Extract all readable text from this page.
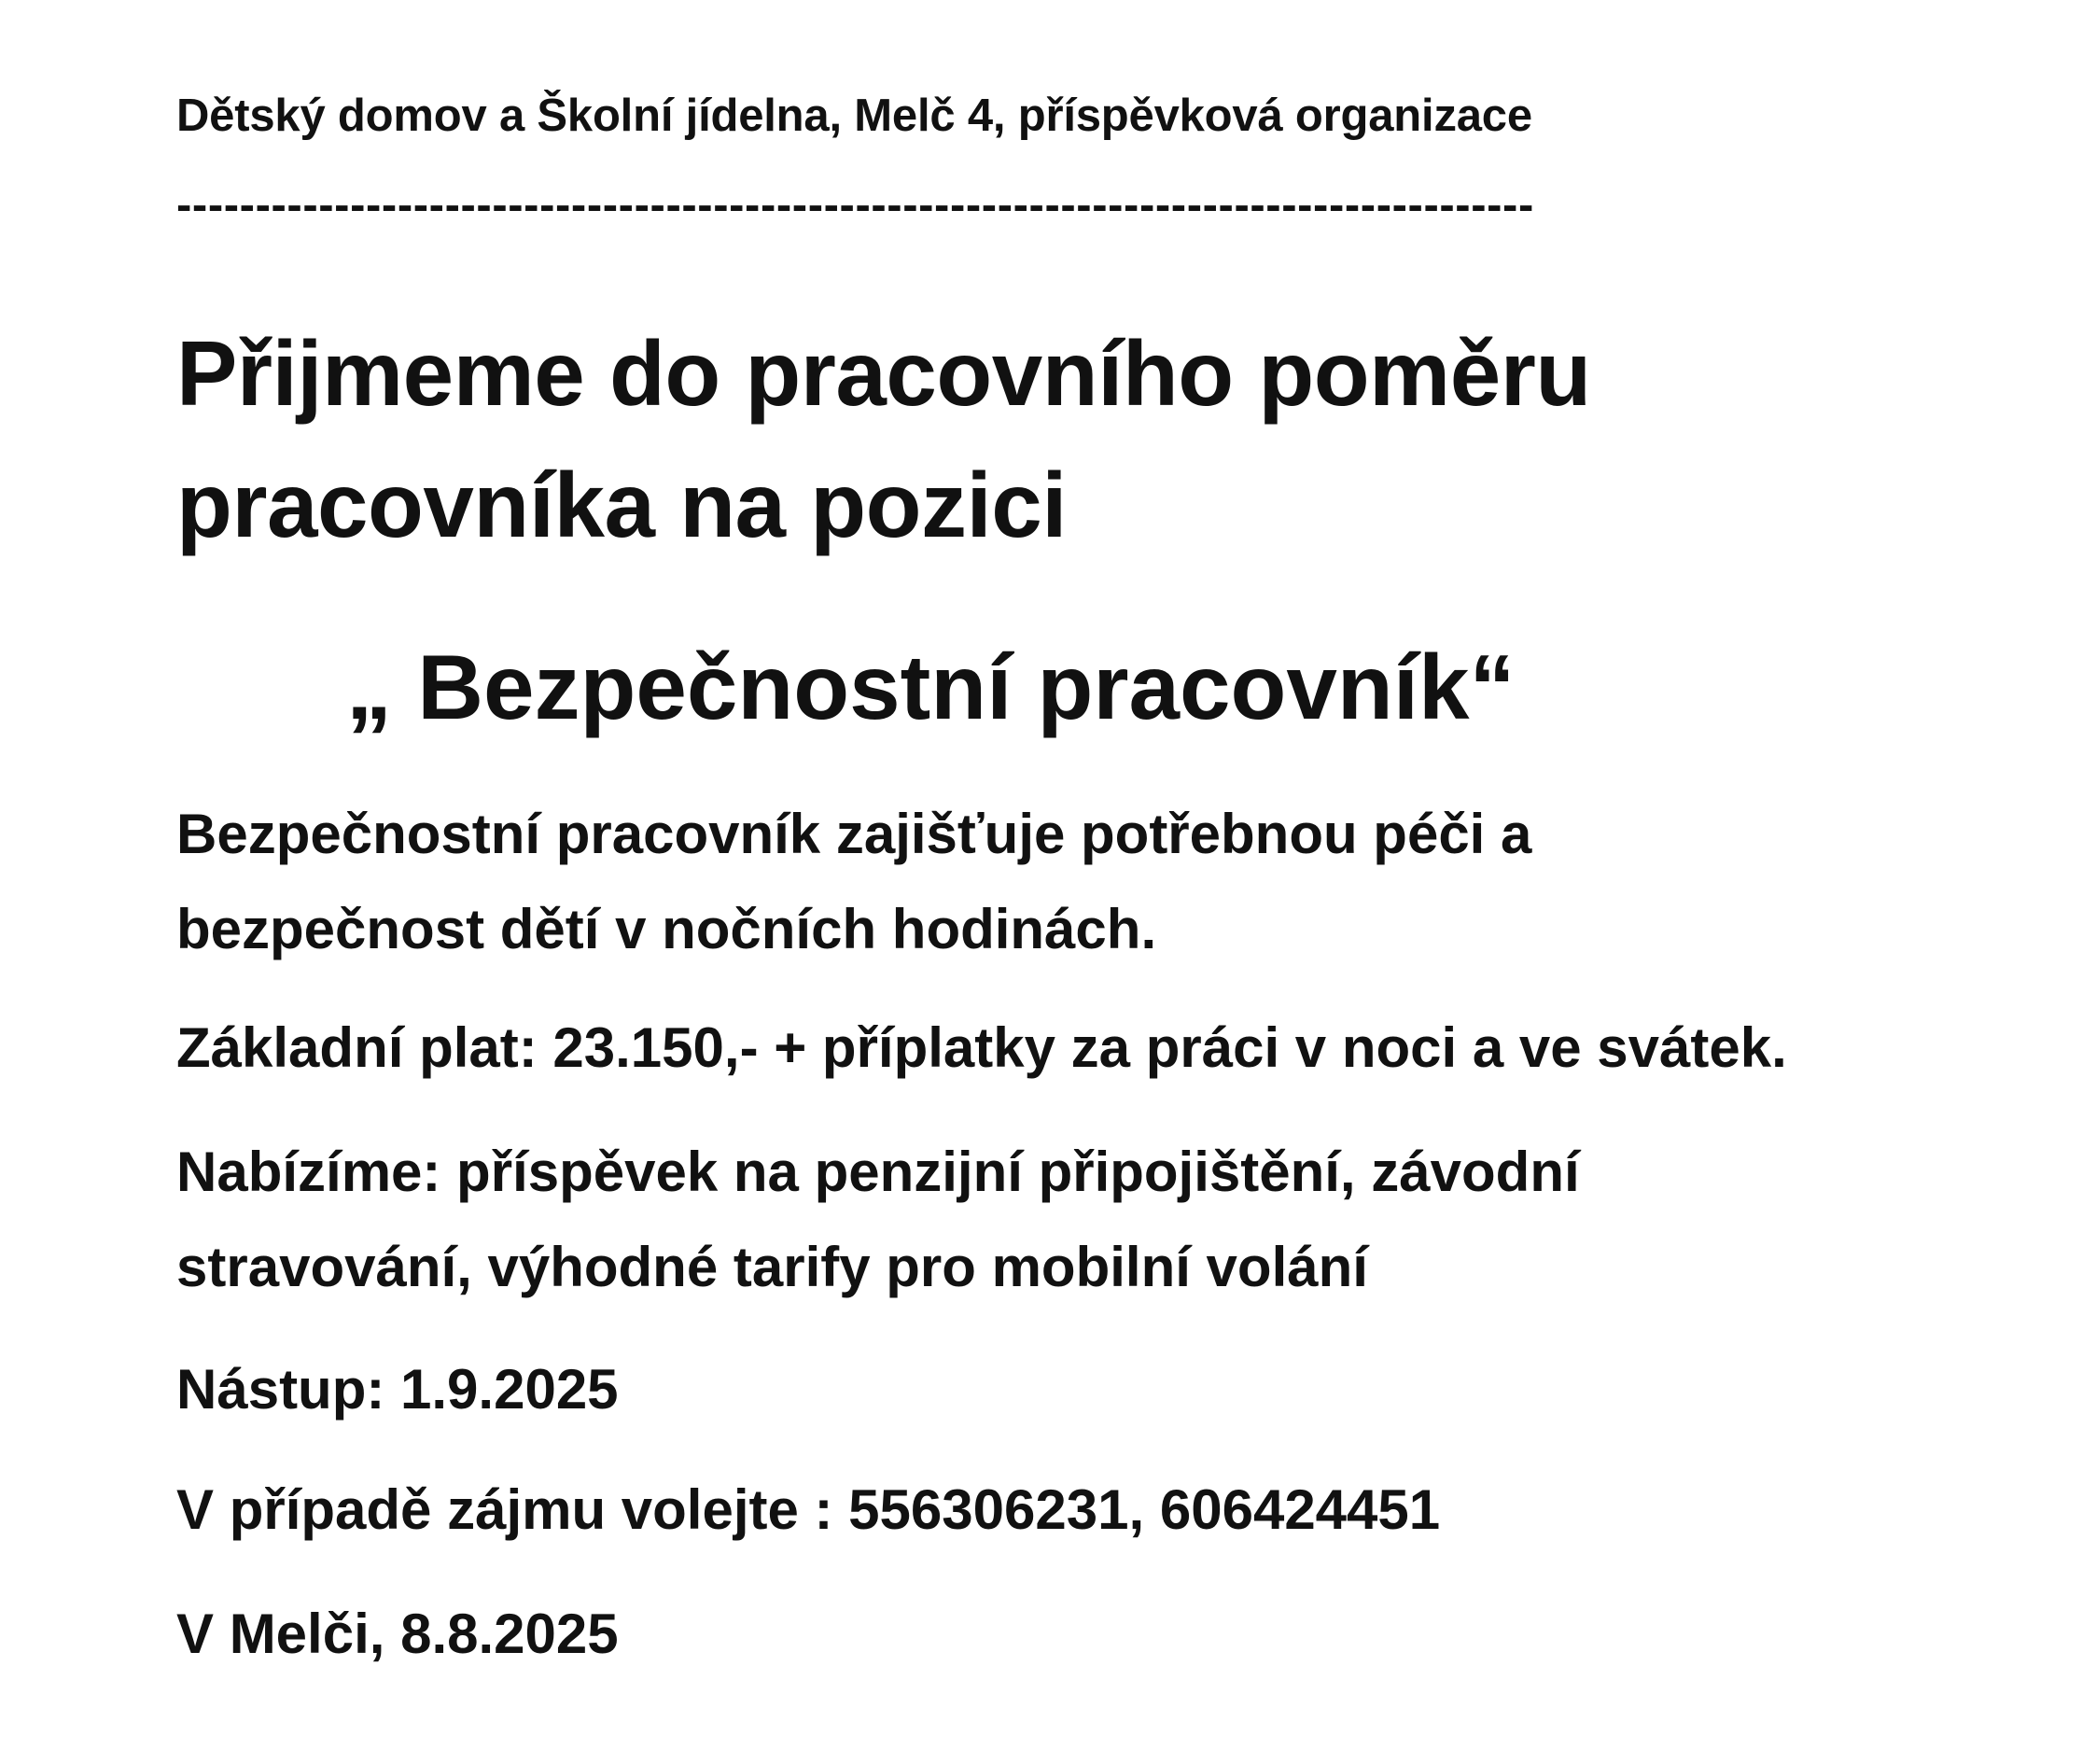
Dětský domov a Školní jídelna, Melč 4, příspěvková organizace
--------------------------------------------------------------------------------------
Přijmeme do pracovního poměru
pracovníka na pozici
„ Bezpečnostní pracovník“
Bezpečnostní pracovník zajišťuje potřebnou péči a
bezpečnost dětí v nočních hodinách.
Základní plat: 23.150,- + příplatky za práci v noci a ve svátek.
Nabízíme: příspěvek na penzijní připojištění, závodní
stravování, výhodné tarify pro mobilní volání
Nástup: 1.9.2025
V případě zájmu volejte : 556306231, 606424451
V Melči, 8.8.2025
